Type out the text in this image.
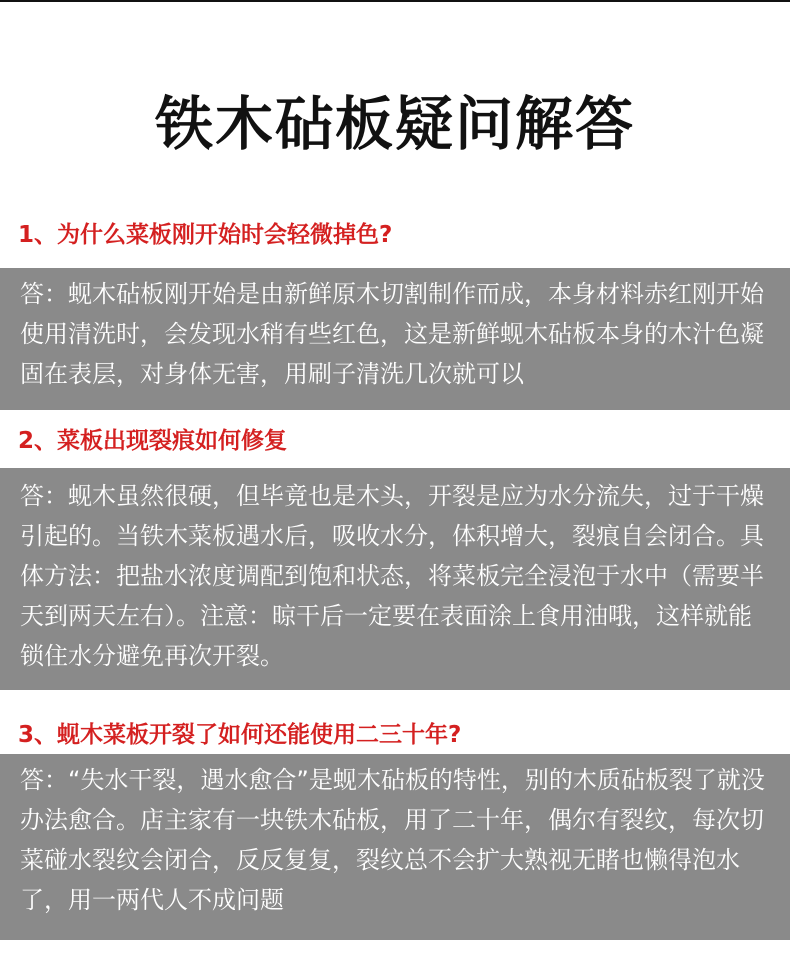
铁木砧板疑问解答
1、为什么菜板刚开始时会轻微掉色?
答：蚬木砧板刚开始是由新鲜原木切割制作而成，本身材料赤红刚开始使用清洗时，会发现水稍有些红色，这是新鲜蚬木砧板本身的木汁色凝固在表层，对身体无害，用刷子清洗几次就可以
2、菜板出现裂痕如何修复
答：蚬木虽然很硬，但毕竟也是木头，开裂是应为水分流失，过于干燥引起的。当铁木菜板遇水后，吸收水分，体积增大，裂痕自会闭合。具体方法：把盐水浓度调配到饱和状态，将菜板完全浸泡于水中（需要半天到两天左右）。注意：晾干后一定要在表面涂上食用油哦，这样就能锁住水分避免再次开裂。
3、蚬木菜板开裂了如何还能使用二三十年?
答：“失水干裂，遇水愈合”是蚬木砧板的特性，别的木质砧板裂了就没办法愈合。店主家有一块铁木砧板，用了二十年，偶尔有裂纹，每次切菜碰水裂纹会闭合，反反复复，裂纹总不会扩大熟视无睹也懒得泡水了，用一两代人不成问题
